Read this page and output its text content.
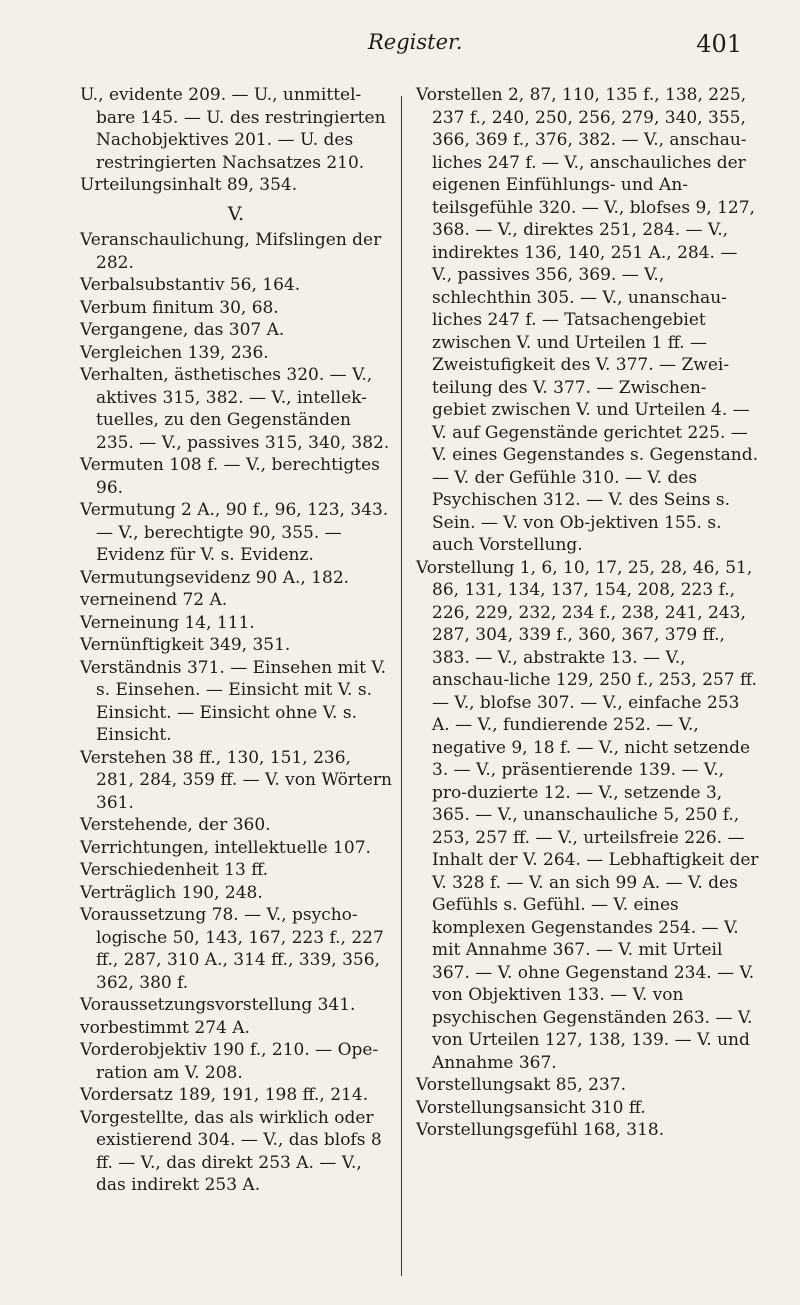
Register.	401

U., evidente 209. — U., unmittel-bare 145. — U. des restringierten Nachobjektives 201. — U. des restringierten Nachsatzes 210.

Urteilungsinhalt 89, 354.

V.

Veranschaulichung, Mifslingen der 282.

Verbalsubstantiv 56, 164.

Verbum finitum 30, 68.

Vergangene, das 307 A.

Vergleichen 139, 236.

Verhalten, ästhetisches 320. — V., aktives 315, 382. — V., intellek-tuelles, zu den Gegenständen 235. — V., passives 315, 340, 382.

Vermuten 108 f. — V., berechtigtes 96.

Vermutung 2 A., 90 f., 96, 123, 343. — V., berechtigte 90, 355. — Evidenz für V. s. Evidenz.

Vermutungsevidenz 90 A., 182.

verneinend 72 A.

Verneinung 14, 111.

Vernünftigkeit 349, 351.

Verständnis 371. — Einsehen mit V. s. Einsehen. — Einsicht mit V. s. Einsicht. — Einsicht ohne V. s. Einsicht.

Verstehen 38 ff., 130, 151, 236, 281, 284, 359 ff. — V. von Wörtern 361.

Verstehende, der 360.

Verrichtungen, intellektuelle 107.

Verschiedenheit 13 ff.

Verträglich 190, 248.

Voraussetzung 78. — V., psycho-logische 50, 143, 167, 223 f., 227 ff., 287, 310 A., 314 ff., 339, 356, 362, 380 f.

Voraussetzungsvorstellung 341.

vorbestimmt 274 A.

Vorderobjektiv 190 f., 210. — Ope-ration am V. 208.

Vordersatz 189, 191, 198 ff., 214.

Vorgestellte, das als wirklich oder existierend 304. — V., das blofs 8 ff. — V., das direkt 253 A. — V., das indirekt 253 A.

Vorstellen 2, 87, 110, 135 f., 138, 225, 237 f., 240, 250, 256, 279, 340, 355, 366, 369 f., 376, 382. — V., anschau-liches 247 f. — V., anschauliches der eigenen Einfühlungs- und An-teilsgefühle 320. — V., blofses 9, 127, 368. — V., direktes 251, 284. — V., indirektes 136, 140, 251 A., 284. — V., passives 356, 369. — V., schlechthin 305. — V., unanschau-liches 247 f. — Tatsachengebiet zwischen V. und Urteilen 1 ff. — Zweistufigkeit des V. 377. — Zwei-teilung des V. 377. — Zwischen-gebiet zwischen V. und Urteilen 4. — V. auf Gegenstände gerichtet 225. — V. eines Gegenstandes s. Gegenstand. — V. der Gefühle 310. — V. des Psychischen 312. — V. des Seins s. Sein. — V. von Ob-jektiven 155. s. auch Vorstellung.

Vorstellung 1, 6, 10, 17, 25, 28, 46, 51, 86, 131, 134, 137, 154, 208, 223 f., 226, 229, 232, 234 f., 238, 241, 243, 287, 304, 339 f., 360, 367, 379 ff., 383. — V., abstrakte 13. — V., anschau-liche 129, 250 f., 253, 257 ff. — V., blofse 307. — V., einfache 253 A. — V., fundierende 252. — V., negative 9, 18 f. — V., nicht setzende 3. — V., präsentierende 139. — V., pro-duzierte 12. — V., setzende 3, 365. — V., unanschauliche 5, 250 f., 253, 257 ff. — V., urteilsfreie 226. — Inhalt der V. 264. — Lebhaftigkeit der V. 328 f. — V. an sich 99 A. — V. des Gefühls s. Gefühl. — V. eines komplexen Gegenstandes 254. — V. mit Annahme 367. — V. mit Urteil 367. — V. ohne Gegenstand 234. — V. von Objektiven 133. — V. von psychischen Gegenständen 263. — V. von Urteilen 127, 138, 139. — V. und Annahme 367.

Vorstellungsakt 85, 237.

Vorstellungsansicht 310 ff.

Vorstellungsgefühl 168, 318.
